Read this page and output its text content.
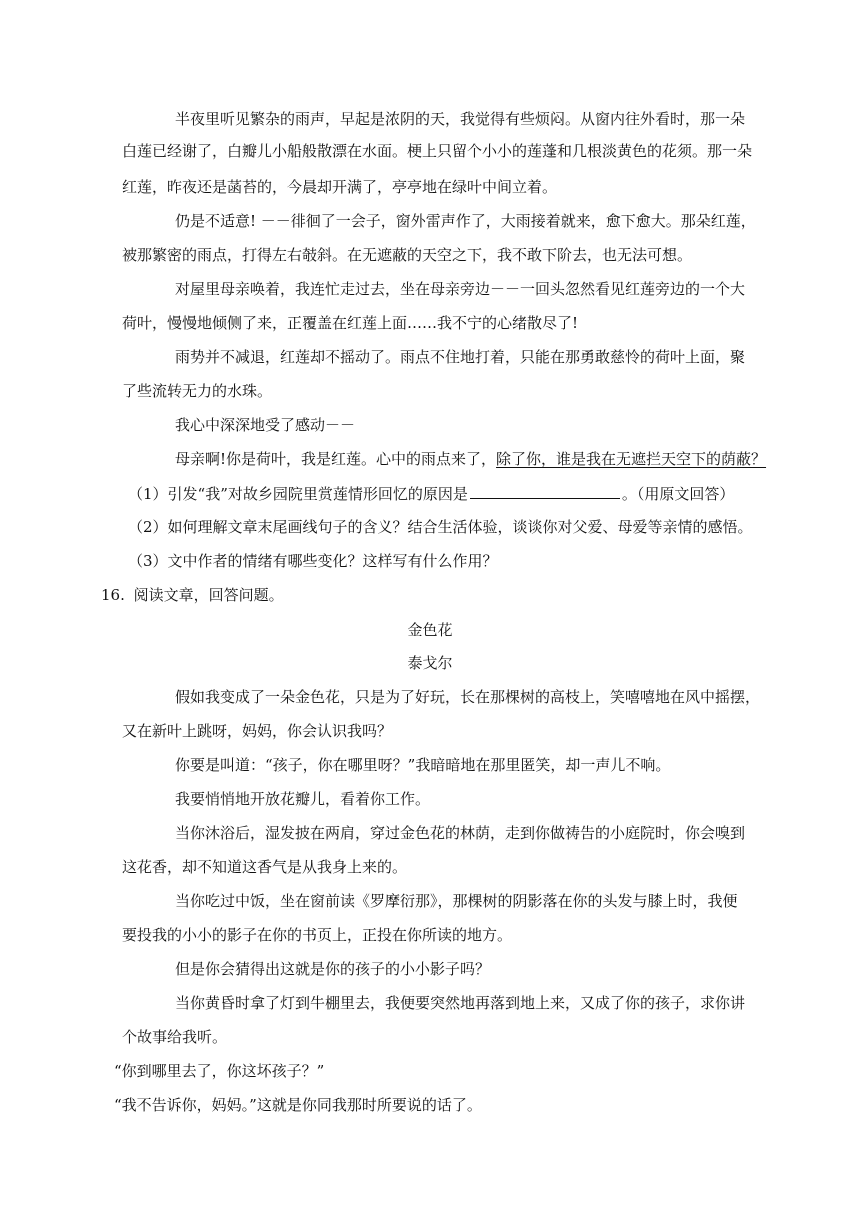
半夜里听见繁杂的雨声，早起是浓阴的天，我觉得有些烦闷。从窗内往外看时，那一朵
白莲已经谢了，白瓣儿小船般散漂在水面。梗上只留个小小的莲蓬和几根淡黄色的花须。那一朵
红莲，昨夜还是菡苔的，今晨却开满了，亭亭地在绿叶中间立着。
仍是不适意! －－徘徊了一会子，窗外雷声作了，大雨接着就来，愈下愈大。那朵红莲，
被那繁密的雨点，打得左右攲斜。在无遮蔽的天空之下，我不敢下阶去，也无法可想。
对屋里母亲唤着，我连忙走过去，坐在母亲旁边－－一回头忽然看见红莲旁边的一个大
荷叶，慢慢地倾侧了来，正覆盖在红莲上面……我不宁的心绪散尽了!
雨势并不减退，红莲却不摇动了。雨点不住地打着，只能在那勇敢慈怜的荷叶上面，聚
了些流转无力的水珠。
我心中深深地受了感动－－
母亲啊!你是荷叶，我是红莲。心中的雨点来了，除了你，谁是我在无遮拦天空下的荫蔽？
（1）引发“我”对故乡园院里赏莲情形回忆的原因是	。（用原文回答）
（2）如何理解文章末尾画线句子的含义？结合生活体验，谈谈你对父爱、母爱等亲情的感悟。
（3）文中作者的情绪有哪些变化？这样写有什么作用？
16. 阅读文章，回答问题。
金色花
泰戈尔
假如我变成了一朵金色花，只是为了好玩，长在那棵树的高枝上，笑嘻嘻地在风中摇摆，
又在新叶上跳呀，妈妈，你会认识我吗？
你要是叫道：“孩子，你在哪里呀？”我暗暗地在那里匿笑，却一声儿不响。
我要悄悄地开放花瓣儿，看着你工作。
当你沐浴后，湿发披在两肩，穿过金色花的林荫，走到你做祷告的小庭院时，你会嗅到
这花香，却不知道这香气是从我身上来的。
当你吃过中饭，坐在窗前读《罗摩衍那》，那棵树的阴影落在你的头发与膝上时，我便
要投我的小小的影子在你的书页上，正投在你所读的地方。
但是你会猜得出这就是你的孩子的小小影子吗？
当你黄昏时拿了灯到牛棚里去，我便要突然地再落到地上来，又成了你的孩子，求你讲
个故事给我听。
“你到哪里去了，你这坏孩子？”
“我不告诉你，妈妈。”这就是你同我那时所要说的话了。
